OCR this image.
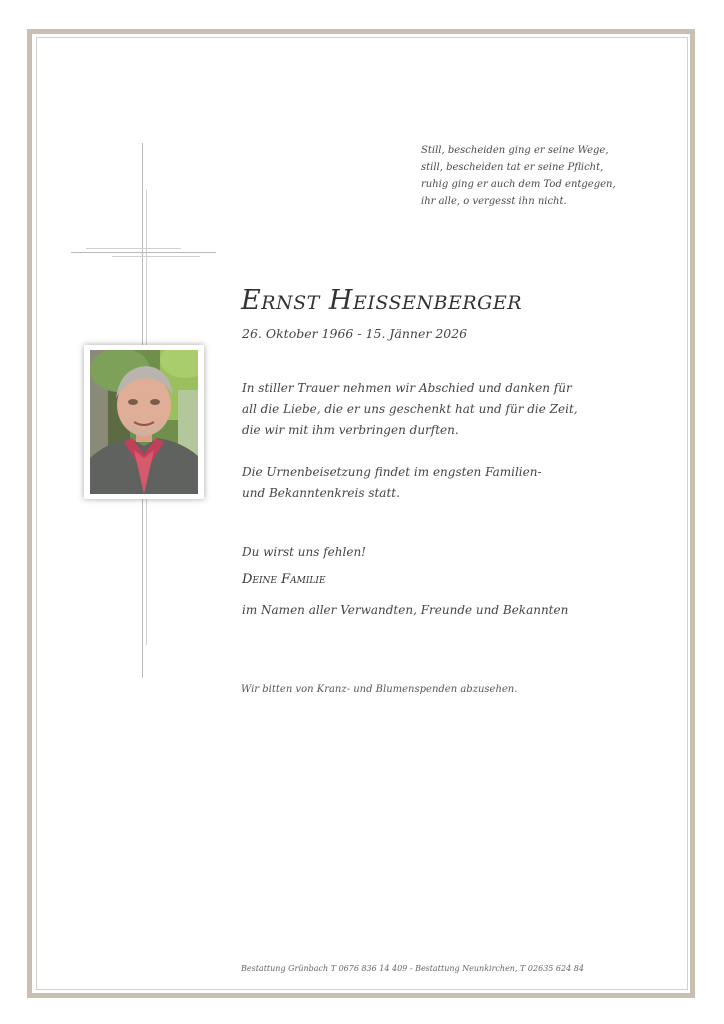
Still, bescheiden ging er seine Wege,
still, bescheiden tat er seine Pflicht,
ruhig ging er auch dem Tod entgegen,
ihr alle, o vergesst ihn nicht.
Ernst Heissenberger
26. Oktober 1966 - 15. Jänner 2026
In stiller Trauer nehmen wir Abschied und danken für
all die Liebe, die er uns geschenkt hat und für die Zeit,
die wir mit ihm verbringen durften.
Die Urnenbeisetzung findet im engsten Familien-
und Bekanntenkreis statt.
Du wirst uns fehlen!
Deine Familie
im Namen aller Verwandten, Freunde und Bekannten
Wir bitten von Kranz- und Blumenspenden abzusehen.
Bestattung Grünbach T 0676 836 14 409 - Bestattung Neunkirchen, T 02635 624 84
